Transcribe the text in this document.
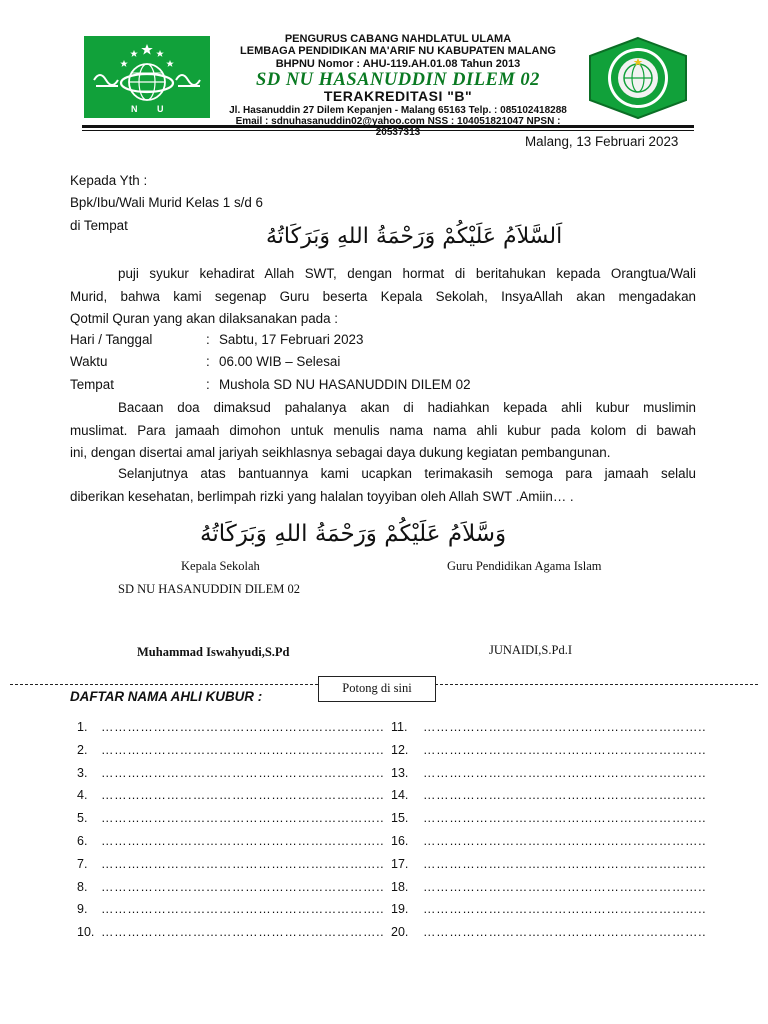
N U
PENGURUS CABANG NAHDLATUL ULAMA
LEMBAGA PENDIDIKAN MA'ARIF NU KABUPATEN MALANG
BHPNU Nomor : AHU-119.AH.01.08 Tahun 2013
SD NU HASANUDDIN DILEM 02
TERAKREDITASI "B"
Jl. Hasanuddin 27 Dilem Kepanjen - Malang 65163 Telp. : 085102418288
Email : sdnuhasanuddin02@yahoo.com NSS : 104051821047 NPSN : 20537313
Malang, 13 Februari 2023
Kepada Yth :
Bpk/Ibu/Wali Murid Kelas 1 s/d 6
di Tempat	اَلسَّلاَمُ عَلَيْكُمْ وَرَحْمَةُ اللهِ وَبَرَكَاتُهُ
puji syukur kehadirat Allah SWT, dengan hormat di beritahukan kepada Orangtua/Wali
Murid, bahwa kami segenap Guru beserta Kepala Sekolah, InsyaAllah akan mengadakan
Qotmil Quran yang akan dilaksanakan pada :
Hari / Tanggal	: Sabtu, 17 Februari 2023
Waktu	: 06.00 WIB – Selesai
Tempat	: Mushola SD NU HASANUDDIN DILEM 02
Bacaan doa dimaksud pahalanya akan di hadiahkan kepada ahli kubur muslimin
muslimat. Para jamaah dimohon untuk menulis nama nama ahli kubur pada kolom di bawah
ini, dengan disertai amal jariyah seikhlasnya sebagai daya dukung kegiatan pembangunan.
Selanjutnya atas bantuannya kami ucapkan terimakasih semoga para jamaah selalu
diberikan kesehatan, berlimpah rizki yang halalan toyyiban oleh Allah SWT .Amiin… .
وَسَّلاَمُ عَلَيْكُمْ وَرَحْمَةُ اللهِ وَبَرَكَاتُهُ
Kepala Sekolah	Guru Pendidikan Agama Islam
SD NU HASANUDDIN DILEM 02
Muhammad Iswahyudi,S.Pd	JUNAIDI,S.Pd.I
Potong di sini
DAFTAR NAMA AHLI KUBUR :
1. ………………………………………………………..
2. ………………………………………………………..
3. ………………………………………………………..
4. ………………………………………………………..
5. ………………………………………………………..
6. ………………………………………………………..
7. ………………………………………………………..
8. ………………………………………………………..
9. ………………………………………………………..
10. ………………………………………………………..
11. ………………………………………………………..
12. ………………………………………………………..
13. ………………………………………………………..
14. ………………………………………………………..
15. ………………………………………………………..
16. ………………………………………………………..
17. ………………………………………………………..
18. ………………………………………………………..
19. ………………………………………………………..
20. ………………………………………………………..
